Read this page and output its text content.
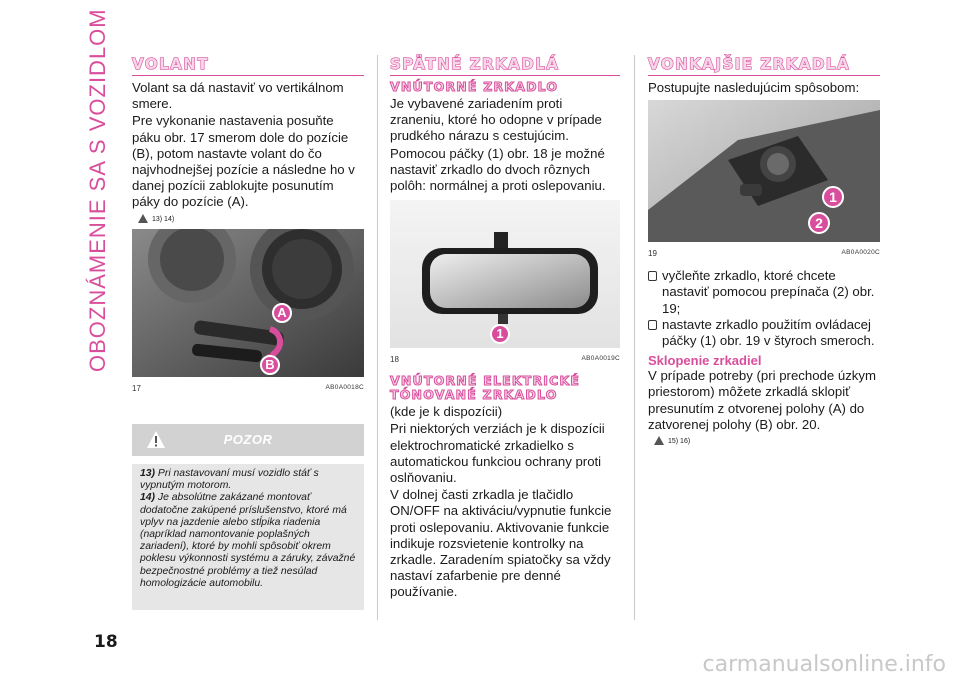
OBOZNÁMENIE SA S VOZIDLOM	VOLANT

Volant sa dá nastaviť vo vertikálnom smere.

Pre vykonanie nastavenia posuňte páku obr. 17 smerom dole do pozície (B), potom nastavte volant do čo najvhodnejšej pozície a následne ho v danej pozícii zablokujte posunutím páky do pozície (A).

13) 14)
A
B
17	AB0A0018C
POZOR

13) Pri nastavovaní musí vozidlo stáť s vypnutým motorom.

14) Je absolútne zakázané montovať dodatočne zakúpené príslušenstvo, ktoré má vplyv na jazdenie alebo stĺpika riadenia (napríklad namontovanie poplašných zariadení), ktoré by mohli spôsobiť okrem poklesu výkonnosti systému a záruky, závažné bezpečnostné problémy a tiež nesúlad homologizácie automobilu.

SPÄTNÉ ZRKADLÁ
VNÚTORNÉ ZRKADLO

Je vybavené zariadením proti zraneniu, ktoré ho odopne v prípade prudkého nárazu s cestujúcim.

Pomocou páčky (1) obr. 18 je možné nastaviť zrkadlo do dvoch rôznych polôh: normálnej a proti oslepovaniu.

1
18	AB0A0019C
VNÚTORNÉ ELEKTRICKÉ
TÓNOVANÉ ZRKADLO

(kde je k dispozícii)

Pri niektorých verziách je k dispozícii elektrochromatické zrkadielko s automatickou funkciou ochrany proti oslňovaniu.

V dolnej časti zrkadla je tlačidlo ON/OFF na aktiváciu/vypnutie funkcie proti oslepovaniu. Aktivovanie funkcie indikuje rozsvietenie kontrolky na zrkadle. Zaradením spiatočky sa vždy nastaví zafarbenie pre denné používanie.

VONKAJŠIE ZRKADLÁ

Postupujte nasledujúcim spôsobom:

1
2
19	AB0A0020C

vyčleňte zrkadlo, ktoré chcete nastaviť pomocou prepínača (2) obr. 19;

nastavte zrkadlo použitím ovládacej páčky (1) obr. 19 v štyroch smeroch.

Sklopenie zrkadiel

V prípade potreby (pri prechode úzkym priestorom) môžete zrkadlá sklopiť presunutím z otvorenej polohy (A) do zatvorenej polohy (B) obr. 20.

15) 16)
18
carmanualsonline.info
